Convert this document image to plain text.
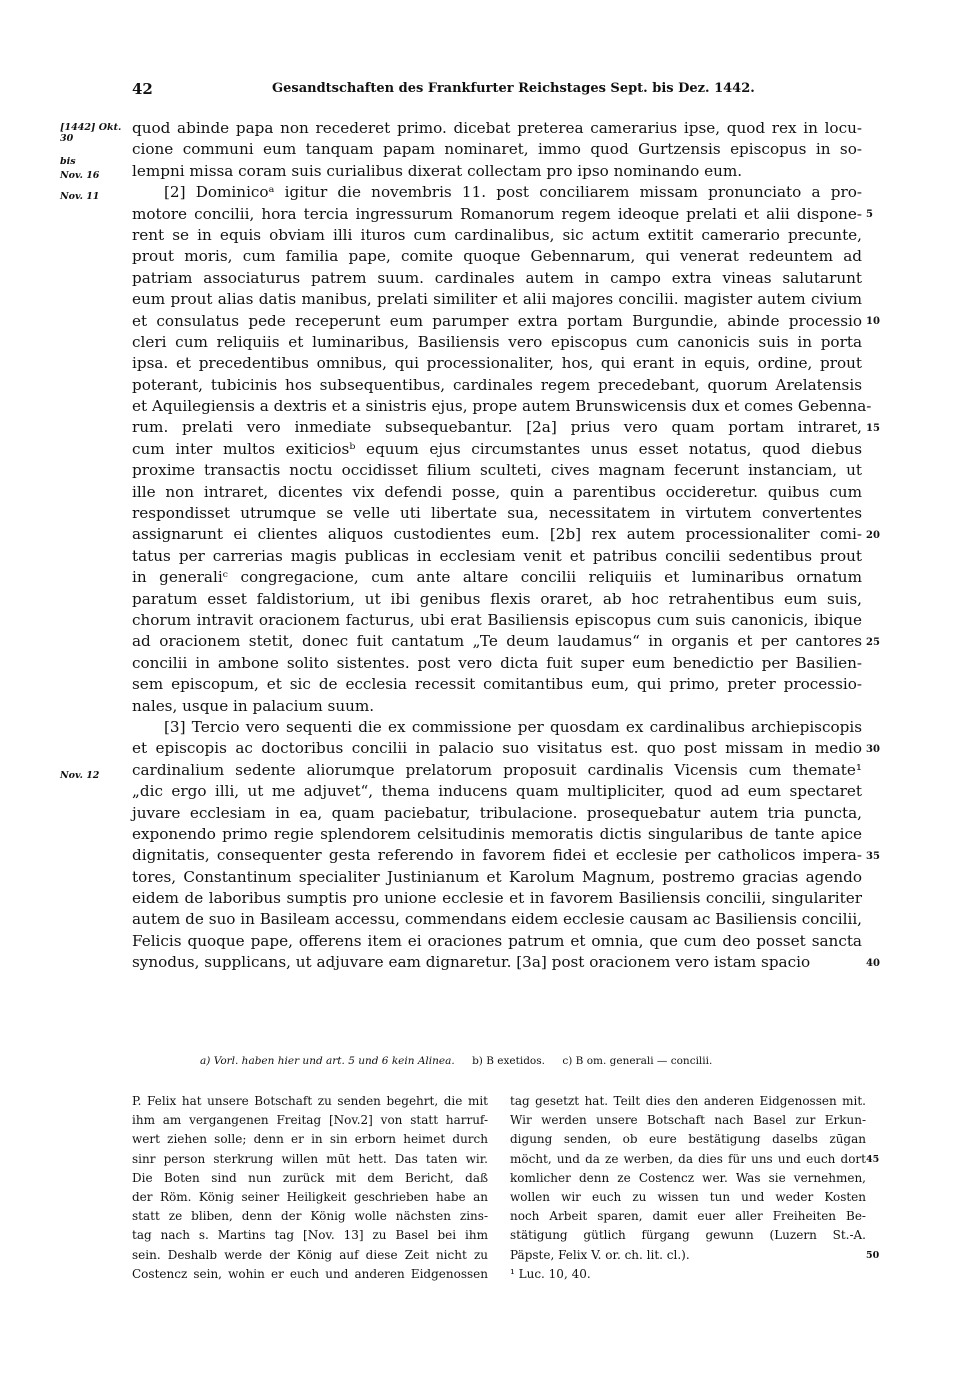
42	Gesandtschaften des Frankfurter Reichstages Sept. bis Dez. 1442.
[1442] Okt. 30
bis
Nov. 16
Nov. 11
Nov. 12
quod abinde papa non recederet primo. dicebat preterea camerarius ipse, quod rex in locu-
cione communi eum tanquam papam nominaret, immo quod Gurtzensis episcopus in so-
lempni missa coram suis curialibus dixerat collectam pro ipso nominando eum.
[2] Dominicoᵃ igitur die novembris 11. post conciliarem missam pronunciato a pro-
motore concilii, hora tercia ingressurum Romanorum regem ideoque prelati et alii dispone-
rent se in equis obviam illi ituros cum cardinalibus, sic actum extitit camerario precunte,
prout moris, cum familia pape, comite quoque Gebennarum, qui venerat redeuntem ad
patriam associaturus patrem suum. cardinales autem in campo extra vineas salutarunt
eum prout alias datis manibus, prelati similiter et alii majores concilii. magister autem civium
et consulatus pede receperunt eum parumper extra portam Burgundie, abinde processio
cleri cum reliquiis et luminaribus, Basiliensis vero episcopus cum canonicis suis in porta
ipsa. et precedentibus omnibus, qui processionaliter, hos, qui erant in equis, ordine, prout
poterant, tubicinis hos subsequentibus, cardinales regem precedebant, quorum Arelatensis
et Aquilegiensis a dextris et a sinistris ejus, prope autem Brunswicensis dux et comes Gebenna-
rum. prelati vero inmediate subsequebantur. [2a] prius vero quam portam intraret,
cum inter multos exiticiosᵇ equum ejus circumstantes unus esset notatus, quod diebus
proxime transactis noctu occidisset filium sculteti, cives magnam fecerunt instanciam, ut
ille non intraret, dicentes vix defendi posse, quin a parentibus occideretur. quibus cum
respondisset utrumque se velle uti libertate sua, necessitatem in virtutem convertentes
assignarunt ei clientes aliquos custodientes eum. [2b] rex autem processionaliter comi-
tatus per carrerias magis publicas in ecclesiam venit et patribus concilii sedentibus prout
in generaliᶜ congregacione, cum ante altare concilii reliquiis et luminaribus ornatum
paratum esset faldistorium, ut ibi genibus flexis oraret, ab hoc retrahentibus eum suis,
chorum intravit oracionem facturus, ubi erat Basiliensis episcopus cum suis canonicis, ibique
ad oracionem stetit, donec fuit cantatum „Te deum laudamus“ in organis et per cantores
concilii in ambone solito sistentes. post vero dicta fuit super eum benedictio per Basilien-
sem episcopum, et sic de ecclesia recessit comitantibus eum, qui primo, preter processio-
nales, usque in palacium suum.
[3] Tercio vero sequenti die ex commissione per quosdam ex cardinalibus archiepiscopis
et episcopis ac doctoribus concilii in palacio suo visitatus est. quo post missam in medio
cardinalium sedente aliorumque prelatorum proposuit cardinalis Vicensis cum themate¹
„dic ergo illi, ut me adjuvet“, thema inducens quam multipliciter, quod ad eum spectaret
juvare ecclesiam in ea, quam paciebatur, tribulacione. prosequebatur autem tria puncta,
exponendo primo regie splendorem celsitudinis memoratis dictis singularibus de tante apice
dignitatis, consequenter gesta referendo in favorem fidei et ecclesie per catholicos impera-
tores, Constantinum specialiter Justinianum et Karolum Magnum, postremo gracias agendo
eidem de laboribus sumptis pro unione ecclesie et in favorem Basiliensis concilii, singulariter
autem de suo in Basileam accessu, commendans eidem ecclesie causam ac Basiliensis concilii,
Felicis quoque pape, offerens item ei oraciones patrum et omnia, que cum deo posset sancta
synodus, supplicans, ut adjuvare eam dignaretur. [3a] post oracionem vero istam spacio
5
10
15
20
25
30
35
40
a) Vorl. haben hier und art. 5 und 6 kein Alinea. b) B exetidos. c) B om. generali — concilii.
P. Felix hat unsere Botschaft zu senden begehrt, die mit
ihm am vergangenen Freitag [Nov.2] von statt harruf-
wert ziehen solle; denn er in sin erborn heimet durch
sinr person sterkrung willen mūt hett. Das taten wir.
Die Boten sind nun zurück mit dem Bericht, daß
der Röm. König seiner Heiligkeit geschrieben habe an
statt ze bliben, denn der König wolle nächsten zins-
tag nach s. Martins tag [Nov. 13] zu Basel bei ihm
sein. Deshalb werde der König auf diese Zeit nicht zu
Costencz sein, wohin er euch und anderen Eidgenossen
tag gesetzt hat. Teilt dies den anderen Eidgenossen mit.
Wir werden unsere Botschaft nach Basel zur Erkun-
digung senden, ob eure bestätigung daselbs zūgan
möcht, und da ze werben, da dies für uns und euch dort
komlicher denn ze Costencz wer. Was sie vernehmen,
wollen wir euch zu wissen tun und weder Kosten
noch Arbeit sparen, damit euer aller Freiheiten Be-
stätigung gütlich fürgang gewunn (Luzern St.-A.
Päpste, Felix V. or. ch. lit. cl.).
¹ Luc. 10, 40.
45
50
